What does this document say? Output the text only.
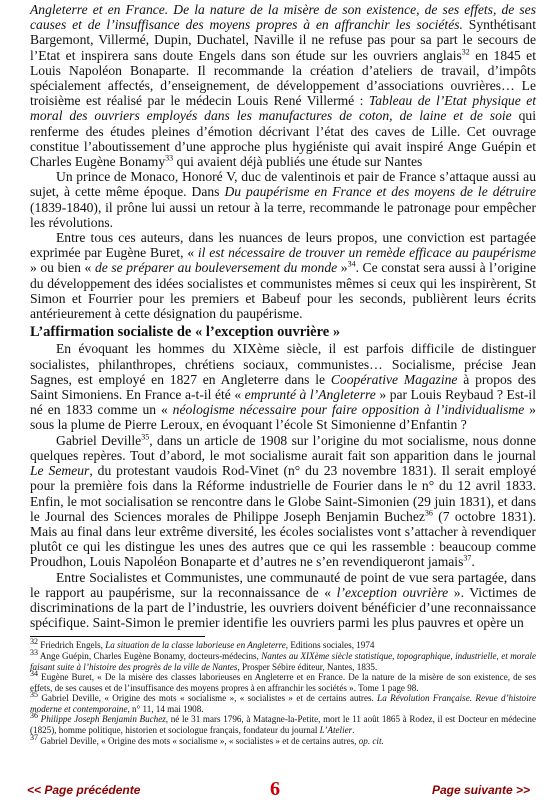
Angleterre et en France. De la nature de la misère de son existence, de ses effets, de ses causes et de l’insuffisance des moyens propres à en affranchir les sociétés. Synthétisant Bargemont, Villermé, Dupin, Duchatel, Naville il ne refuse pas pour sa part le secours de l’Etat et inspirera sans doute Engels dans son étude sur les ouvriers anglais$^{32}$ en 1845 et Louis Napoléon Bonaparte. Il recommande la création d’ateliers de travail, d’impôts spécialement affectés, d’enseignement, de développement d’associations ouvrières… Le troisième est réalisé par le médecin Louis René Villermé : Tableau de l’Etat physique et moral des ouvriers employés dans les manufactures de coton, de laine et de soie qui renferme des études pleines d’émotion décrivant l’état des caves de Lille. Cet ouvrage constitue l’aboutissement d’une approche plus hygiéniste qui avait inspiré Ange Guépin et Charles Eugène Bonamy$^{33}$ qui avaient déjà publiés une étude sur Nantes

Un prince de Monaco, Honoré V, duc de valentinois et pair de France s’attaque aussi au sujet, à cette même époque. Dans Du paupérisme en France et des moyens de le détruire (1839-1840), il prône lui aussi un retour à la terre, recommande le patronage pour empêcher les révolutions.

Entre tous ces auteurs, dans les nuances de leurs propos, une conviction est partagée exprimée par Eugène Buret, « il est nécessaire de trouver un remède efficace au paupérisme » ou bien « de se préparer au bouleversement du monde »$^{34}$. Ce constat sera aussi à l’origine du développement des idées socialistes et communistes mêmes si ceux qui les inspirèrent, St Simon et Fourrier pour les premiers et Babeuf pour les seconds, publièrent leurs écrits antérieurement à cette désignation du paupérisme.

L’affirmation socialiste de « l’exception ouvrière »

En évoquant les hommes du XIXème siècle, il est parfois difficile de distinguer socialistes, philanthropes, chrétiens sociaux, communistes… Socialisme, précise Jean Sagnes, est employé en 1827 en Angleterre dans le Coopérative Magazine à propos des Saint Simoniens. En France a-t-il été « emprunté à l’Angleterre » par Louis Reybaud ? Est-il né en 1833 comme un « néologisme nécessaire pour faire opposition à l’individualisme » sous la plume de Pierre Leroux, en évoquant l’école St Simonienne d’Enfantin ?

Gabriel Deville$^{35}$, dans un article de 1908 sur l’origine du mot socialisme, nous donne quelques repères. Tout d’abord, le mot socialisme aurait fait son apparition dans le journal Le Semeur, du protestant vaudois Rod-Vinet (n° du 23 novembre 1831). Il serait employé pour la première fois dans la Réforme industrielle de Fourier dans le n° du 12 avril 1833. Enfin, le mot socialisation se rencontre dans le Globe Saint-Simonien (29 juin 1831), et dans le Journal des Sciences morales de Philippe Joseph Benjamin Buchez$^{36}$ (7 octobre 1831). Mais au final dans leur extrême diversité, les écoles socialistes vont s’attacher à revendiquer plutôt ce qui les distingue les unes des autres que ce qui les rassemble : beaucoup comme Proudhon, Louis Napoléon Bonaparte et d’autres ne s’en revendiqueront jamais$^{37}$.

Entre Socialistes et Communistes, une communauté de point de vue sera partagée, dans le rapport au paupérisme, sur la reconnaissance de « l’exception ouvrière ». Victimes de discriminations de la part de l’industrie, les ouvriers doivent bénéficier d’une reconnaissance spécifique. Saint-Simon le premier identifie les ouvriers parmi les plus pauvres et opère un

$^{32}$ Friedrich Engels, La situation de la classe laborieuse en Angleterre, Editions sociales, 1974

$^{33}$ Ange Guépin, Charles Eugène Bonamy, docteurs-médecins, Nantes au XIXème siècle statistique, topographique, industrielle, et morale faisant suite à l’histoire des progrès de la ville de Nantes, Prosper Sébire éditeur, Nantes, 1835.

$^{34}$ Eugène Buret, « De la misère des classes laborieuses en Angleterre et en France. De la nature de la misère de son existence, de ses effets, de ses causes et de l’insuffisance des moyens propres à en affranchir les sociétés ». Tome 1 page 98.

$^{35}$ Gabriel Deville, « Origine des mots « socialisme », « socialistes » et de certains autres. La Révolution Française. Revue d’histoire moderne et contemporaine, n° 11, 14 mai 1908.

$^{36}$ Philippe Joseph Benjamin Buchez, né le 31 mars 1796, à Matagne-la-Petite, mort le 11 août 1865 à Rodez, il est Docteur en médecine (1825), homme politique, historien et sociologue français, fondateur du journal L’Atelier.

$^{37}$ Gabriel Deville, « Origine des mots « socialisme », « socialistes » et de certains autres, op. cit.

<< Page précédente	6	Page suivante >>
